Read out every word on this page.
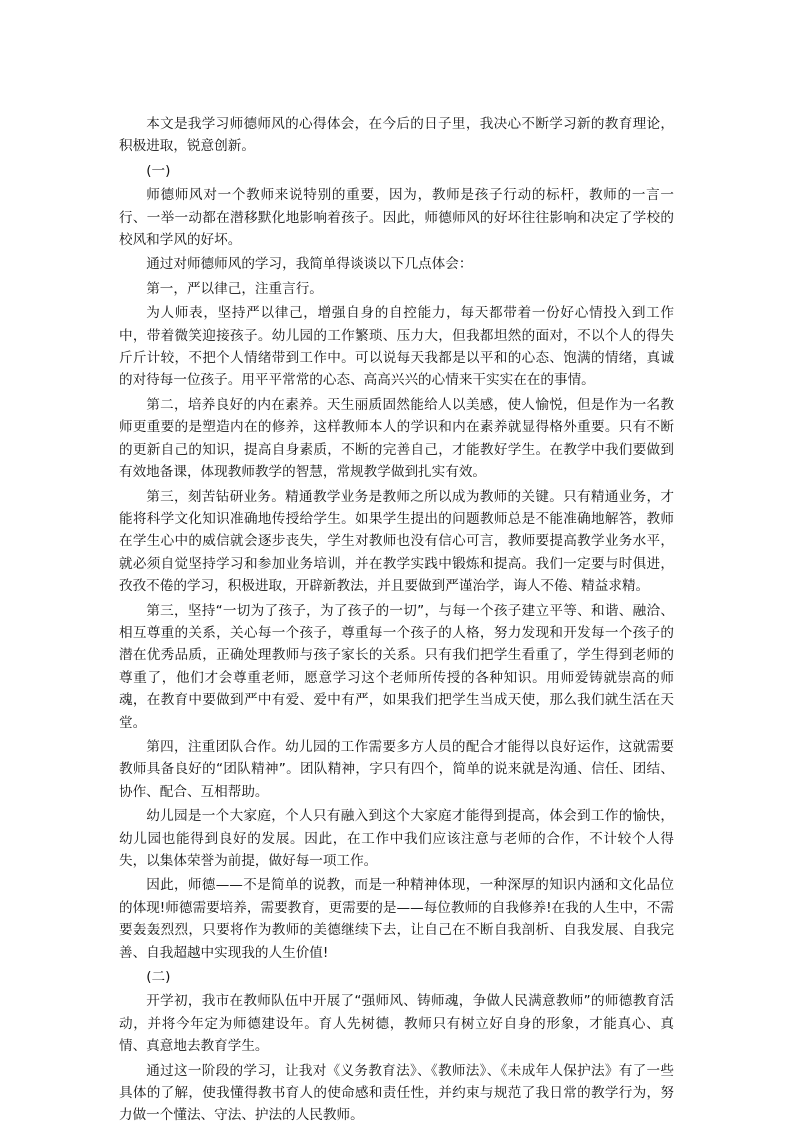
本文是我学习师德师风的心得体会，在今后的日子里，我决心不断学习新的教育理论，积极进取，锐意创新。

(一)

师德师风对一个教师来说特别的重要，因为，教师是孩子行动的标杆，教师的一言一行、一举一动都在潜移默化地影响着孩子。因此，师德师风的好坏往往影响和决定了学校的校风和学风的好坏。

通过对师德师风的学习，我简单得谈谈以下几点体会：

第一，严以律己，注重言行。

为人师表，坚持严以律己，增强自身的自控能力，每天都带着一份好心情投入到工作中，带着微笑迎接孩子。幼儿园的工作繁琐、压力大，但我都坦然的面对，不以个人的得失斤斤计较，不把个人情绪带到工作中。可以说每天我都是以平和的心态、饱满的情绪，真诚的对待每一位孩子。用平平常常的心态、高高兴兴的心情来干实实在在的事情。

第二，培养良好的内在素养。天生丽质固然能给人以美感，使人愉悦，但是作为一名教师更重要的是塑造内在的修养，这样教师本人的学识和内在素养就显得格外重要。只有不断的更新自己的知识，提高自身素质，不断的完善自己，才能教好学生。在教学中我们要做到有效地备课，体现教师教学的智慧，常规教学做到扎实有效。

第三，刻苦钻研业务。精通教学业务是教师之所以成为教师的关键。只有精通业务，才能将科学文化知识准确地传授给学生。如果学生提出的问题教师总是不能准确地解答，教师在学生心中的威信就会逐步丧失，学生对教师也没有信心可言，教师要提高教学业务水平，就必须自觉坚持学习和参加业务培训，并在教学实践中锻炼和提高。我们一定要与时俱进，孜孜不倦的学习，积极进取，开辟新教法，并且要做到严谨治学，诲人不倦、精益求精。

第三，坚持“一切为了孩子，为了孩子的一切”，与每一个孩子建立平等、和谐、融洽、相互尊重的关系，关心每一个孩子，尊重每一个孩子的人格，努力发现和开发每一个孩子的潜在优秀品质，正确处理教师与孩子家长的关系。只有我们把学生看重了，学生得到老师的尊重了，他们才会尊重老师，愿意学习这个老师所传授的各种知识。用师爱铸就崇高的师魂，在教育中要做到严中有爱、爱中有严，如果我们把学生当成天使，那么我们就生活在天堂。

第四，注重团队合作。幼儿园的工作需要多方人员的配合才能得以良好运作，这就需要教师具备良好的“团队精神”。团队精神，字只有四个，简单的说来就是沟通、信任、团结、协作、配合、互相帮助。

幼儿园是一个大家庭，个人只有融入到这个大家庭才能得到提高，体会到工作的愉快，幼儿园也能得到良好的发展。因此，在工作中我们应该注意与老师的合作，不计较个人得失，以集体荣誉为前提，做好每一项工作。

因此，师德——不是简单的说教，而是一种精神体现，一种深厚的知识内涵和文化品位的体现!师德需要培养，需要教育，更需要的是——每位教师的自我修养!在我的人生中，不需要轰轰烈烈，只要将作为教师的美德继续下去，让自己在不断自我剖析、自我发展、自我完善、自我超越中实现我的人生价值!

(二)

开学初，我市在教师队伍中开展了“强师风、铸师魂，争做人民满意教师”的师德教育活动，并将今年定为师德建设年。育人先树德，教师只有树立好自身的形象，才能真心、真情、真意地去教育学生。

通过这一阶段的学习，让我对《义务教育法》、《教师法》、《未成年人保护法》有了一些具体的了解，使我懂得教书育人的使命感和责任性，并约束与规范了我日常的教学行为，努力做一个懂法、守法、护法的人民教师。
